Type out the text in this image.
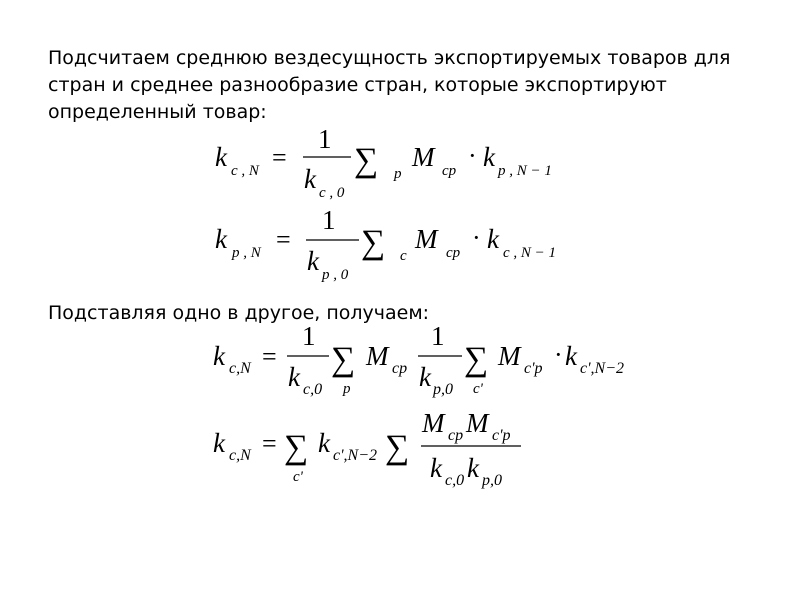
Подсчитаем среднюю вездесущность экспортируемых товаров для стран и среднее разнообразие стран, которые экспортируют определенный товар:
k c , N =
1
k c , 0
∑ p
M cp
· k p , N − 1
k p , N =
1
k p , 0
∑ c
M cp
· k c , N − 1
Подставляя одно в другое, получаем:
k c,N =
1
k c,0
∑
p
M cp
1
k p,0
∑
c'
M c'p · k c',N−2
k c,N = ∑
c'
k c',N−2 ∑
M cp M c'p
k c,0 k p,0
